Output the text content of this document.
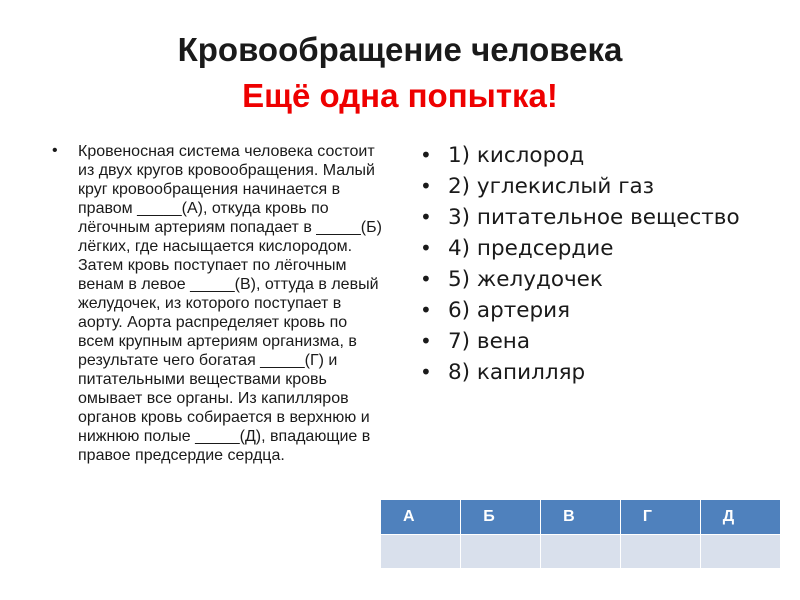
Кровообращение человека
Ещё одна попытка!
• Кровеносная система человека состоит из двух кругов кровообращения. Малый круг кровообращения начинается в правом _____(А), откуда кровь по лёгочным артериям попадает в _____(Б) лёгких, где насыщается кислородом. Затем кровь поступает по лёгочным венам в левое _____(В), оттуда в левый желудочек, из которого поступает в аорту. Аорта распределяет кровь по всем крупным артериям организма, в результате чего богатая _____(Г) и питательными веществами кровь омывает все органы. Из капилляров органов кровь собирается в верхнюю и нижнюю полые _____(Д), впадающие в правое предсердие сердца.
• 1) кислород
• 2) углекислый газ
• 3) питательное вещество
• 4) предсердие
• 5) желудочек
• 6) артерия
• 7) вена
• 8) капилляр
А	Б	В	Г	Д
